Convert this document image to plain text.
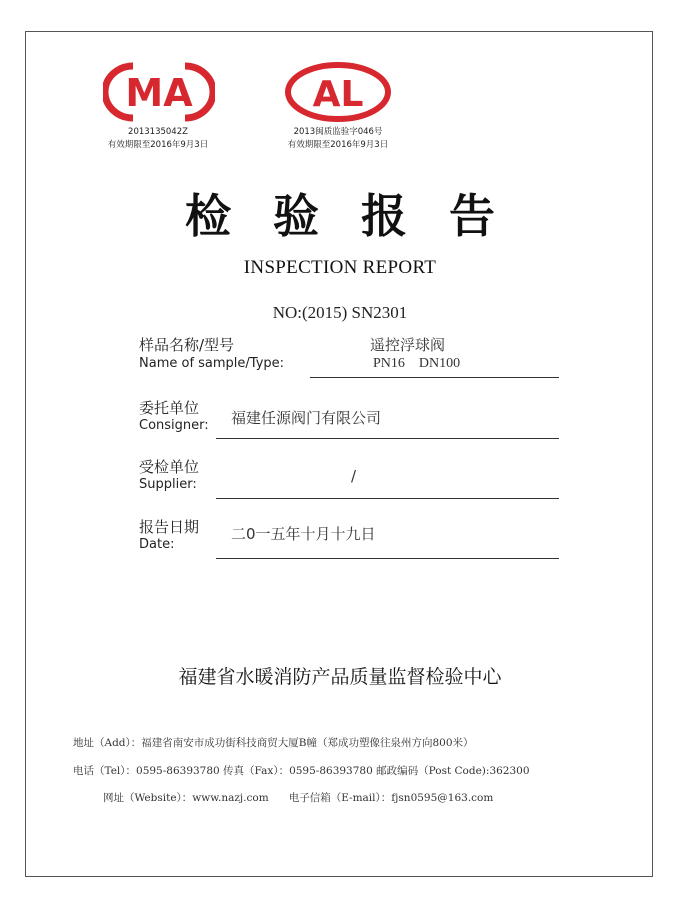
MA
2013135042Z
有效期限至2016年9月3日
AL
2013闽质监验字046号
有效期限至2016年9月3日
检验报告
INSPECTION REPORT
NO:(2015) SN2301
样品名称/型号
Name of sample/Type:
遥控浮球阀
PN16    DN100
委托单位
Consigner: 福建任源阀门有限公司
受检单位
Supplier:	/
报告日期
Date:
二0一五年十月十九日
福建省水暖消防产品质量监督检验中心
地址（Add）：福建省南安市成功街科技商贸大厦B幢（郑成功塑像往泉州方向800米）
电话（Tel）：0595-86393780 传真（Fax）：0595-86393780 邮政编码（Post Code):362300
网址（Website）：www.nazj.com      电子信箱（E-mail）：fjsn0595@163.com
